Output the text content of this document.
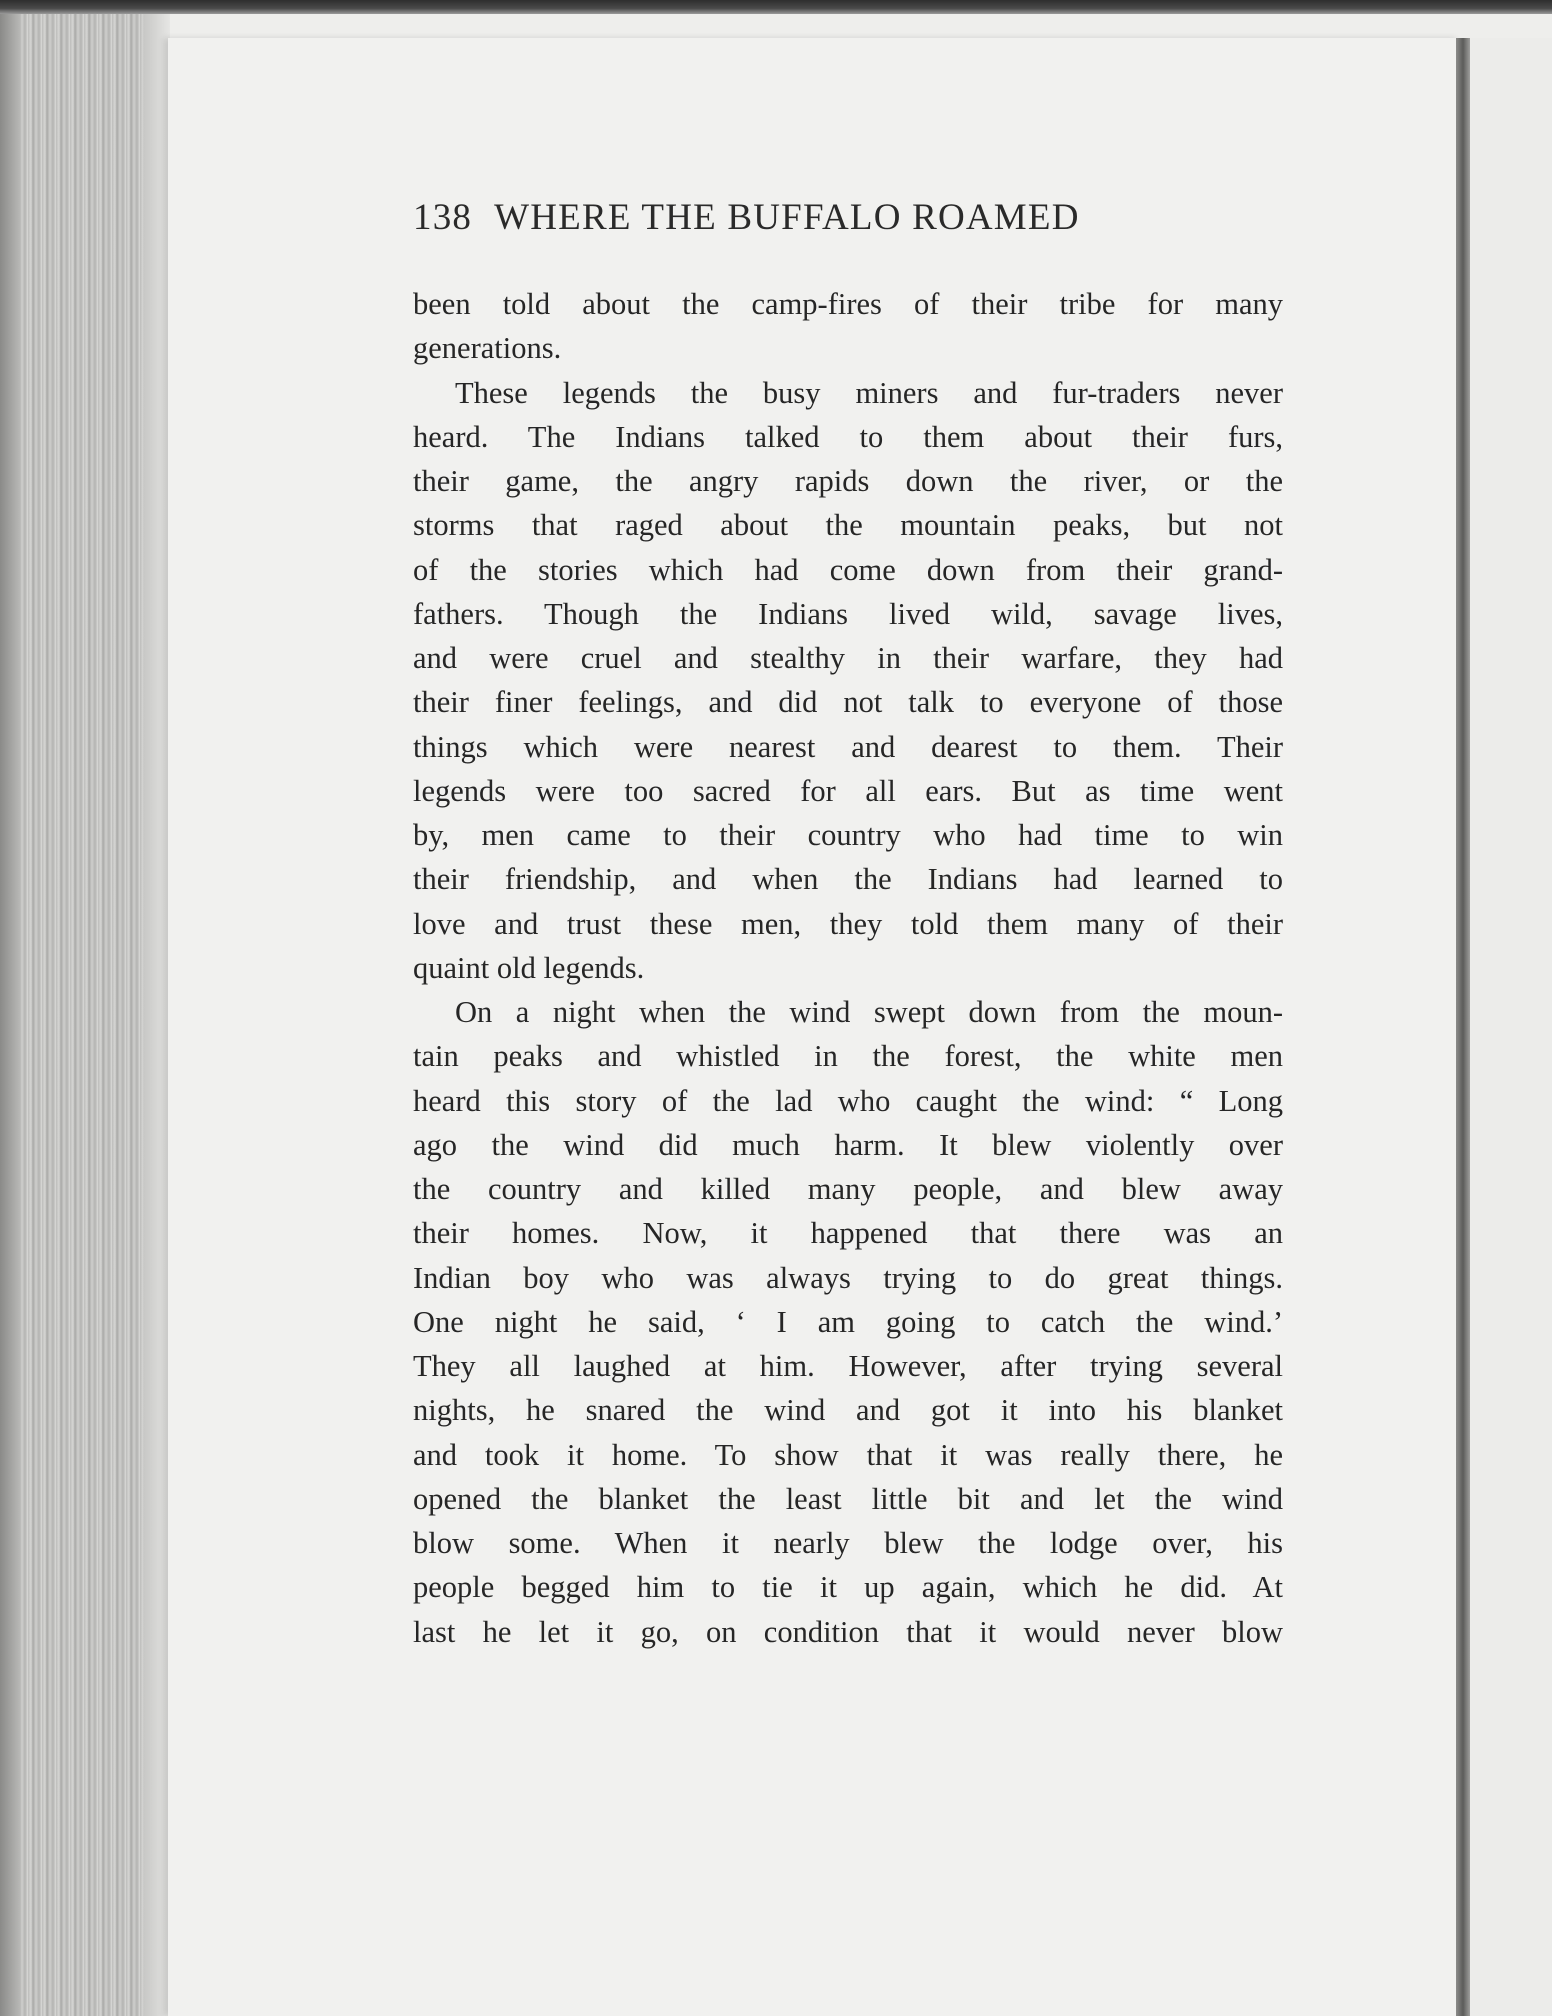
138 WHERE THE BUFFALO ROAMED
been told about the camp-fires of their tribe for many
generations.
These legends the busy miners and fur-traders never
heard. The Indians talked to them about their furs,
their game, the angry rapids down the river, or the
storms that raged about the mountain peaks, but not
of the stories which had come down from their grand-
fathers. Though the Indians lived wild, savage lives,
and were cruel and stealthy in their warfare, they had
their finer feelings, and did not talk to everyone of those
things which were nearest and dearest to them. Their
legends were too sacred for all ears. But as time went
by, men came to their country who had time to win
their friendship, and when the Indians had learned to
love and trust these men, they told them many of their
quaint old legends.
On a night when the wind swept down from the moun-
tain peaks and whistled in the forest, the white men
heard this story of the lad who caught the wind: “ Long
ago the wind did much harm. It blew violently over
the country and killed many people, and blew away
their homes. Now, it happened that there was an
Indian boy who was always trying to do great things.
One night he said, ‘ I am going to catch the wind.’
They all laughed at him. However, after trying several
nights, he snared the wind and got it into his blanket
and took it home. To show that it was really there, he
opened the blanket the least little bit and let the wind
blow some. When it nearly blew the lodge over, his
people begged him to tie it up again, which he did. At
last he let it go, on condition that it would never blow
